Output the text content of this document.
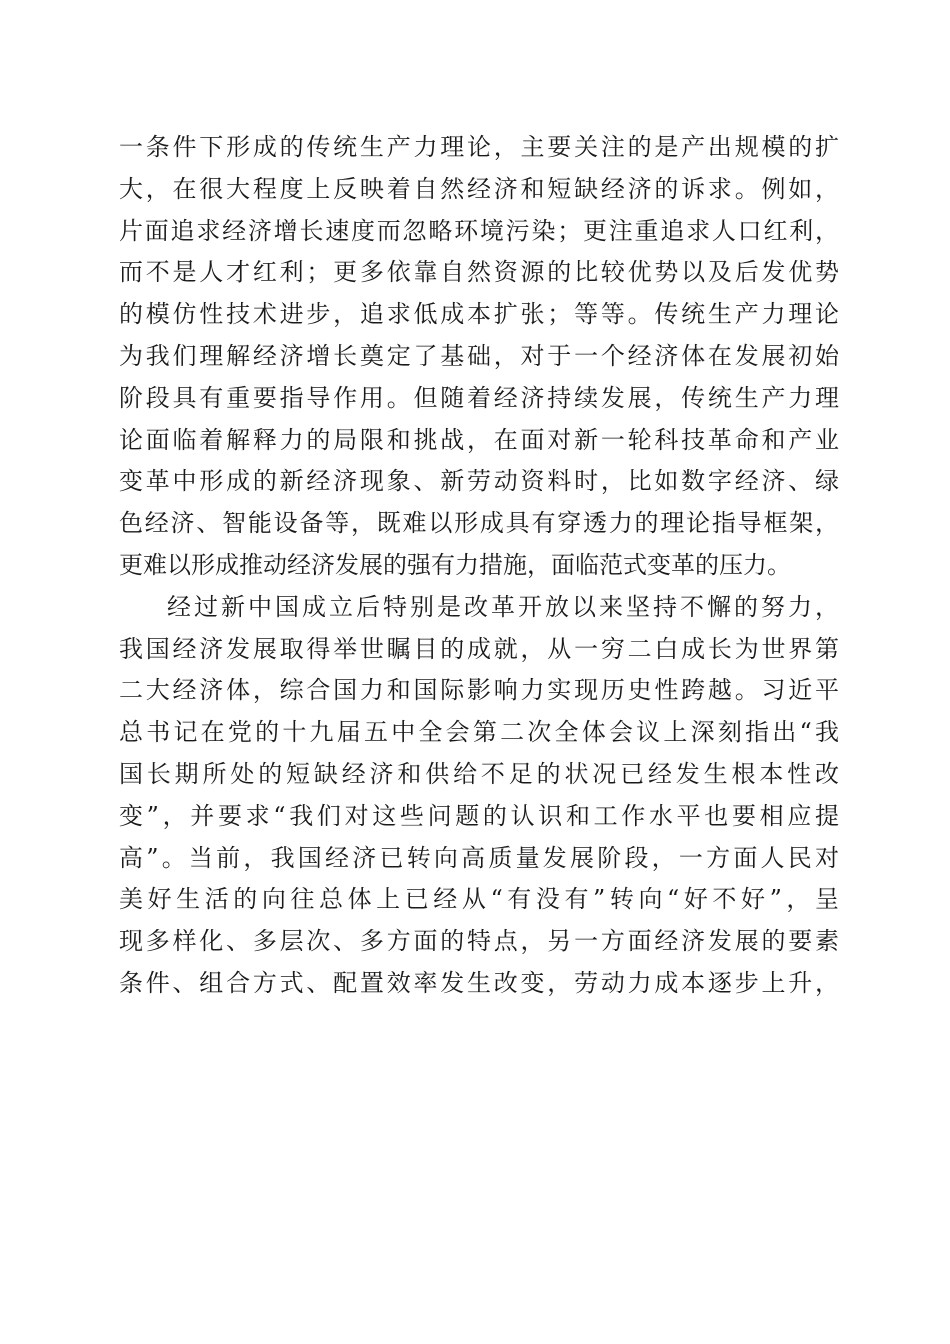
一条件下形成的传统生产力理论，主要关注的是产出规模的扩
大，在很大程度上反映着自然经济和短缺经济的诉求。例如，
片面追求经济增长速度而忽略环境污染；更注重追求人口红利，
而不是人才红利；更多依靠自然资源的比较优势以及后发优势
的模仿性技术进步，追求低成本扩张；等等。传统生产力理论
为我们理解经济增长奠定了基础，对于一个经济体在发展初始
阶段具有重要指导作用。但随着经济持续发展，传统生产力理
论面临着解释力的局限和挑战，在面对新一轮科技革命和产业
变革中形成的新经济现象、新劳动资料时，比如数字经济、绿
色经济、智能设备等，既难以形成具有穿透力的理论指导框架，
更难以形成推动经济发展的强有力措施，面临范式变革的压力。
经过新中国成立后特别是改革开放以来坚持不懈的努力，
我国经济发展取得举世瞩目的成就，从一穷二白成长为世界第
二大经济体，综合国力和国际影响力实现历史性跨越。习近平
总书记在党的十九届五中全会第二次全体会议上深刻指出“我
国长期所处的短缺经济和供给不足的状况已经发生根本性改
变”，并要求“我们对这些问题的认识和工作水平也要相应提
高”。当前，我国经济已转向高质量发展阶段，一方面人民对
美好生活的向往总体上已经从“有没有”转向“好不好”，呈
现多样化、多层次、多方面的特点，另一方面经济发展的要素
条件、组合方式、配置效率发生改变，劳动力成本逐步上升，
